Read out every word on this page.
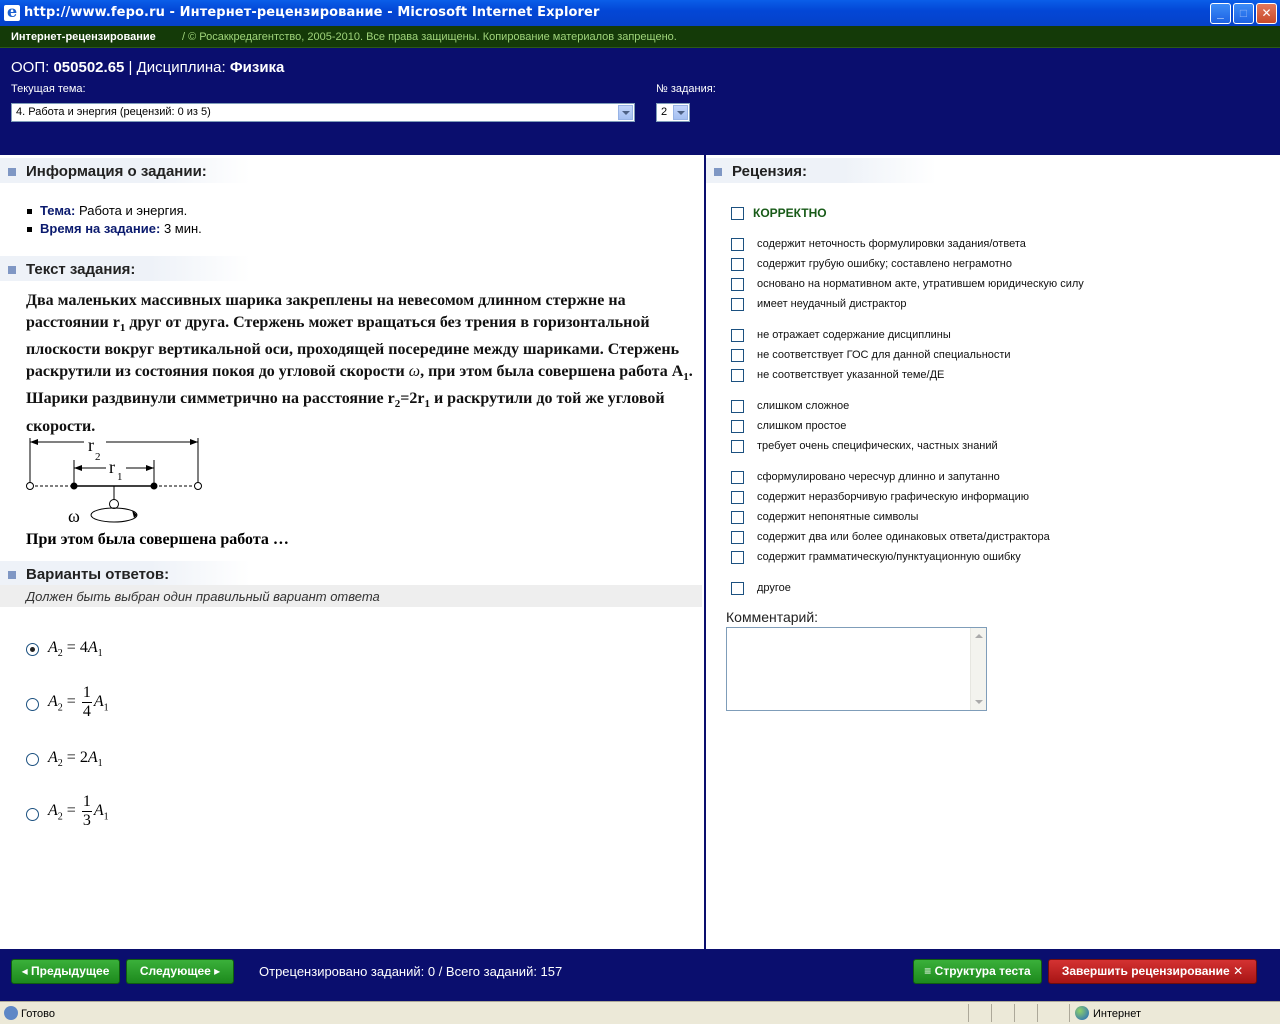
e
http://www.fepo.ru - Интернет-рецензирование - Microsoft Internet Explorer	_	□	✕
Интернет-рецензирование / © Росаккредагентство, 2005-2010. Все права защищены. Копирование материалов запрещено.
ООП: 050502.65 | Дисциплина: Физика
Текущая тема:
4. Работа и энергия (рецензий: 0 из 5)
№ задания:
2
Информация о задании:
Тема: Работа и энергия.
Время на задание: 3 мин.
Текст задания:
Два маленьких массивных шарика закреплены на невесомом длинном стержне на расстоянии $r_1$ друг от друга. Стержень может вращаться без трения в горизонтальной плоскости вокруг вертикальной оси, проходящей посередине между шариками. Стержень раскрутили из состояния покоя до угловой скорости ω, при этом была совершена работа $А_1$. Шарики раздвинули симметрично на расстояние $r_2=2r_1$ и раскрутили до той же угловой скорости.
r
2 r 1
ω
При этом была совершена работа …
Варианты ответов:
Должен быть выбран один правильный вариант ответа
$A_2 = 4A_1$
$A_2 = \frac{1}{4} A_1$
$A_2 = 2A_1$
$A_2 = \frac{1}{3} A_1$
Рецензия:
КОРРЕКТНО
содержит неточность формулировки задания/ответа
содержит грубую ошибку; составлено неграмотно
основано на нормативном акте, утратившем юридическую силу
имеет неудачный дистрактор
не отражает содержание дисциплины
не соответствует ГОС для данной специальности
не соответствует указанной теме/ДЕ
слишком сложное
слишком простое
требует очень специфических, частных знаний
сформулировано чересчур длинно и запутанно
содержит неразборчивую графическую информацию
содержит непонятные символы
содержит два или более одинаковых ответа/дистрактора
содержит грамматическую/пунктуационную ошибку
другое
Комментарий:
◂ Предыдущее	Следующее ▸	Отрецензировано заданий: 0 / Всего заданий: 157	≡ Структура теста	Завершить рецензирование ✕
Готово	Интернет
